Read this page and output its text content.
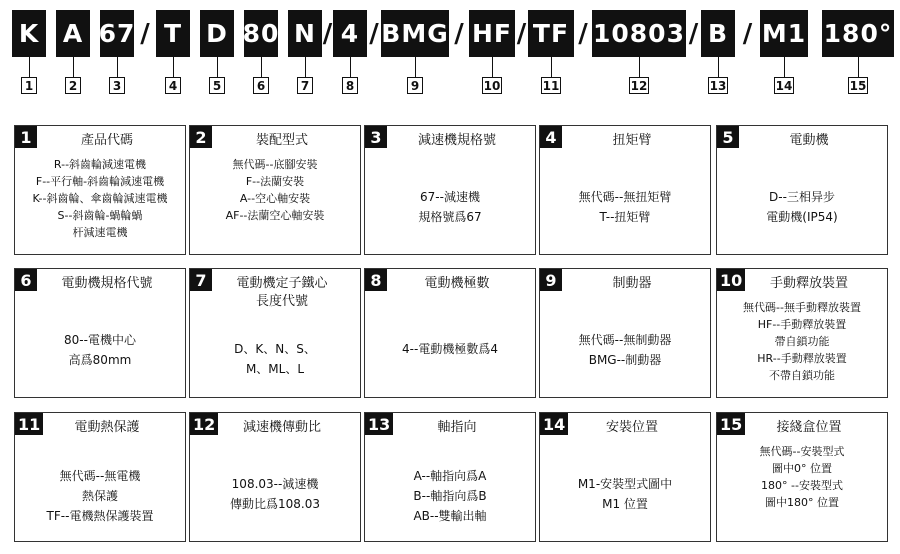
K
1
A
2
67
3
T
4
/ D
5
80
6
N
7
4
8
/ BMG
9
/	HF
10
/	TF
11
/	10803
12
/	B
13
/	M1
14
/	180°
15
1	產品代碼
R--斜齒輪減速電機
F--平行軸-斜齒輪減速電機
K--斜齒輪、傘齒輪減速電機
S--斜齒輪-蝸輪蝸
杆減速電機
2	裝配型式
無代碼--底腳安裝
F--法蘭安裝
A--空心軸安裝
AF--法蘭空心軸安裝
3	減速機規格號
67--減速機
規格號爲67
4	扭矩臂
無代碼--無扭矩臂
T--扭矩臂
5	電動機
D--三相异步
電動機(IP54)
6	電動機規格代號
80--電機中心
高爲80mm
7	電動機定子鐵心
長度代號
D、K、N、S、
M、ML、L
8	電動機極數
4--電動機極數爲4
9	制動器
無代碼--無制動器
BMG--制動器
10	手動釋放裝置
無代碼--無手動釋放裝置
HF--手動釋放裝置
帶自鎖功能
HR--手動釋放裝置
不帶自鎖功能
11	電動熱保護
無代碼--無電機
熱保護
TF--電機熱保護裝置
12	減速機傳動比
108.03--減速機
傳動比爲108.03
13	軸指向
A--軸指向爲A
B--軸指向爲B
AB--雙輸出軸
14	安裝位置
M1-安裝型式圖中
M1 位置
15	接綫盒位置
無代碼--安裝型式
圖中0° 位置
180° --安裝型式
圖中180° 位置
